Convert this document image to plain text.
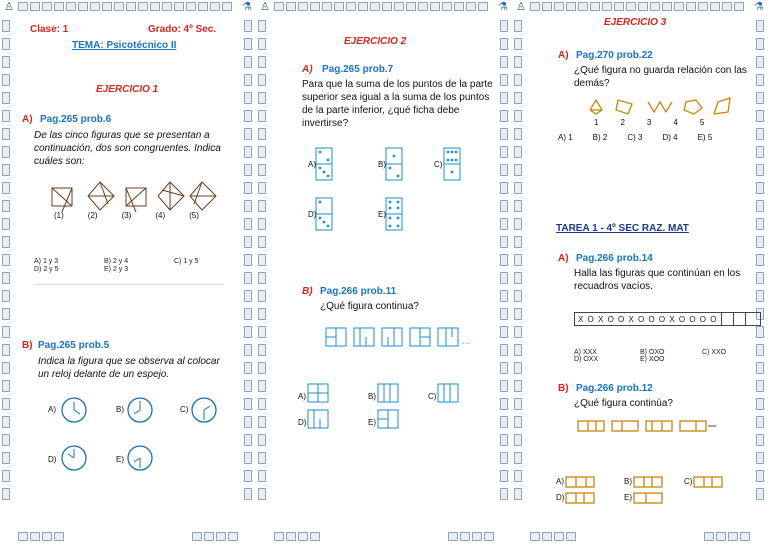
♙	⚗
Clase: 1	Grado: 4º Sec.
TEMA: Psicotécnico II
EJERCICIO 1
A) Pag.265 prob.6
De las cinco figuras que se presentan a continuación, dos son congruentes. Indica cuáles son:
(1)	(2)	(3)	(4)	(5)
A) 1 y 3	B) 2 y 4	C) 1 y 5
D) 2 y 5	E) 2 y 3
B) Pag.265 prob.5
Indica la figura que se observa al colocar un reloj delante de un espejo.
A)	B)	C)
D)	E)
♙	⚗
EJERCICIO 2
A) Pag.265 prob.7
Para que la suma de los puntos de la parte superior sea igual a la suma de los puntos de la parte inferior, ¿qué ficha debe invertirse?
A)	B)	C)
D)	E)
B) Pag.266 prob.11
¿Qué figura continua?
…
A)	B)	C)
D)	E)
♙	⚗
EJERCICIO 3
A) Pag.270 prob.22
¿Qué figura no guarda relación con las demás?
1	2	3	4	5
A) 1	B) 2	C) 3	D) 4	E) 5
TAREA 1 - 4º SEC RAZ. MAT
A) Pag.266 prob.14
Halla las figuras que continúan en los recuadros vacíos.
X O X O O X O O O X O O O O
A) XXX	B) OXO	C) XXO
D) OXX	E) XOO
B) Pag.266 prob.12
¿Qué figura continúa?
A)	B)	C)
D)	E)
